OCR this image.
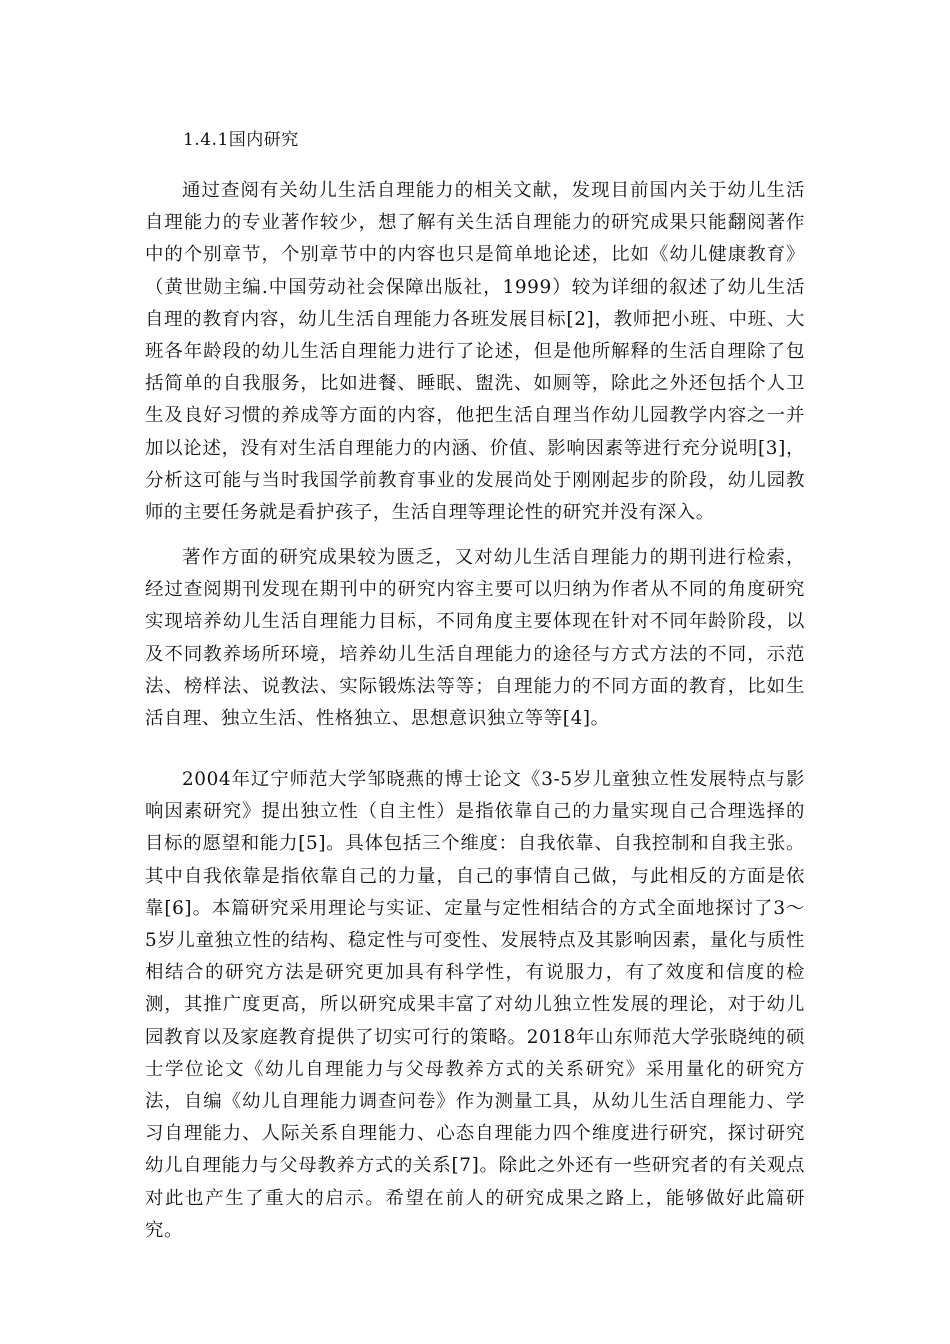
1.4.1国内研究

通过查阅有关幼儿生活自理能力的相关文献，发现目前国内关于幼儿生活自理能力的专业著作较少，想了解有关生活自理能力的研究成果只能翻阅著作中的个别章节，个别章节中的内容也只是简单地论述，比如《幼儿健康教育》（黄世勋主编.中国劳动社会保障出版社，1999）较为详细的叙述了幼儿生活自理的教育内容，幼儿生活自理能力各班发展目标[2]，教师把小班、中班、大班各年龄段的幼儿生活自理能力进行了论述，但是他所解释的生活自理除了包括简单的自我服务，比如进餐、睡眠、盥洗、如厕等，除此之外还包括个人卫生及良好习惯的养成等方面的内容，他把生活自理当作幼儿园教学内容之一并加以论述，没有对生活自理能力的内涵、价值、影响因素等进行充分说明[3]，分析这可能与当时我国学前教育事业的发展尚处于刚刚起步的阶段，幼儿园教师的主要任务就是看护孩子，生活自理等理论性的研究并没有深入。

著作方面的研究成果较为匮乏，又对幼儿生活自理能力的期刊进行检索，经过查阅期刊发现在期刊中的研究内容主要可以归纳为作者从不同的角度研究实现培养幼儿生活自理能力目标，不同角度主要体现在针对不同年龄阶段，以及不同教养场所环境，培养幼儿生活自理能力的途径与方式方法的不同，示范法、榜样法、说教法、实际锻炼法等等；自理能力的不同方面的教育，比如生活自理、独立生活、性格独立、思想意识独立等等[4]。

2004年辽宁师范大学邹晓燕的博士论文《3-5岁儿童独立性发展特点与影响因素研究》提出独立性（自主性）是指依靠自己的力量实现自己合理选择的目标的愿望和能力[5]。具体包括三个维度：自我依靠、自我控制和自我主张。其中自我依靠是指依靠自己的力量，自己的事情自己做，与此相反的方面是依靠[6]。本篇研究采用理论与实证、定量与定性相结合的方式全面地探讨了3～5岁儿童独立性的结构、稳定性与可变性、发展特点及其影响因素，量化与质性相结合的研究方法是研究更加具有科学性，有说服力，有了效度和信度的检测，其推广度更高，所以研究成果丰富了对幼儿独立性发展的理论，对于幼儿园教育以及家庭教育提供了切实可行的策略。2018年山东师范大学张晓纯的硕士学位论文《幼儿自理能力与父母教养方式的关系研究》采用量化的研究方法，自编《幼儿自理能力调查问卷》作为测量工具，从幼儿生活自理能力、学习自理能力、人际关系自理能力、心态自理能力四个维度进行研究，探讨研究幼儿自理能力与父母教养方式的关系[7]。除此之外还有一些研究者的有关观点对此也产生了重大的启示。希望在前人的研究成果之路上，能够做好此篇研究。
